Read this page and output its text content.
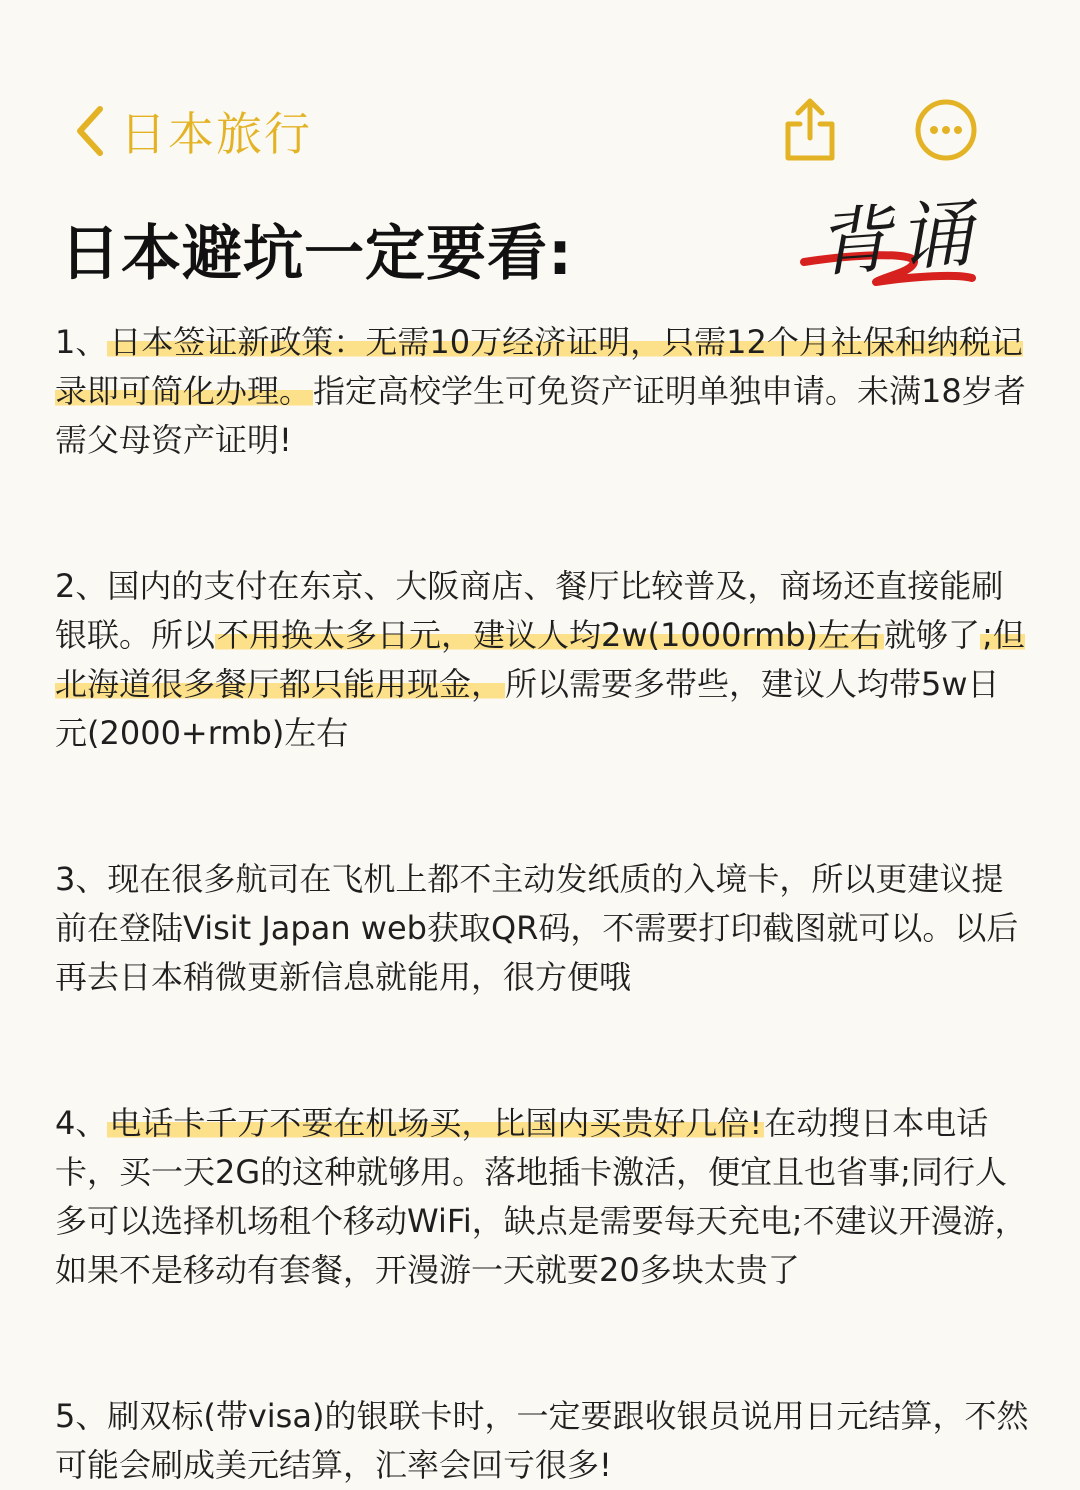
日本旅行
日本避坑一定要看:	背诵

1、日本签证新政策：无需10万经济证明，只需12个月社保和纳税记录即可简化办理。指定高校学生可免资产证明单独申请。未满18岁者需父母资产证明!

2、国内的支付在东京、大阪商店、餐厅比较普及，商场还直接能刷银联。所以不用换太多日元，建议人均2w(1000rmb)左右就够了;但北海道很多餐厅都只能用现金，所以需要多带些，建议人均带5w日元(2000+rmb)左右

3、现在很多航司在飞机上都不主动发纸质的入境卡，所以更建议提前在登陆Visit Japan web获取QR码，不需要打印截图就可以。以后再去日本稍微更新信息就能用，很方便哦

4、电话卡千万不要在机场买，比国内买贵好几倍!在动搜日本电话卡，买一天2G的这种就够用。落地插卡激活，便宜且也省事;同行人多可以选择机场租个移动WiFi，缺点是需要每天充电;不建议开漫游，如果不是移动有套餐，开漫游一天就要20多块太贵了

5、刷双标(带visa)的银联卡时，一定要跟收银员说用日元结算，不然可能会刷成美元结算，汇率会回亏很多!
